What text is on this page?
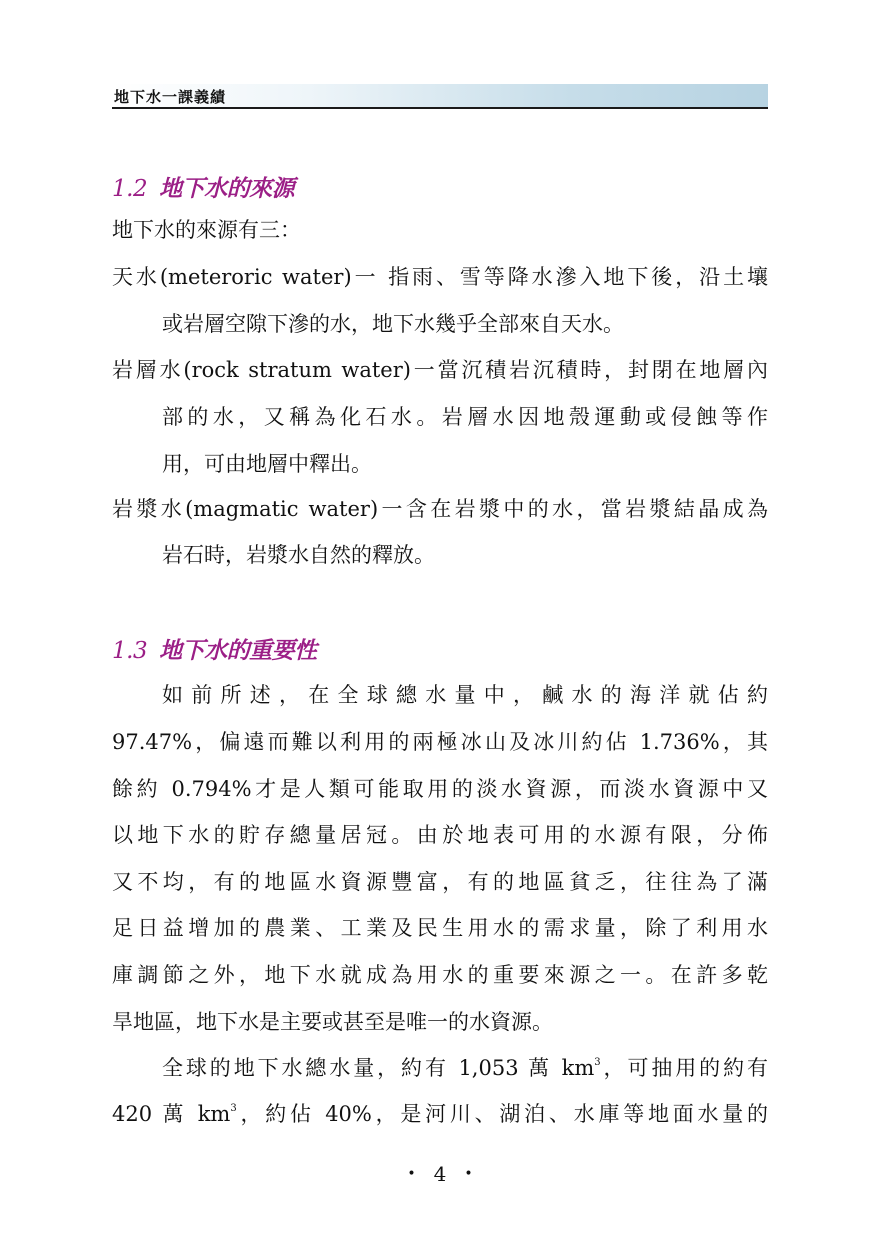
地下水一課義績
1.2 地下水的來源
地下水的來源有三：
天水(meteroric water)一 指雨、雪等降水滲入地下後，沿土壤
或岩層空隙下滲的水，地下水幾乎全部來自天水。
岩層水(rock stratum water)一當沉積岩沉積時，封閉在地層內
部的水，又稱為化石水。岩層水因地殼運動或侵蝕等作
用，可由地層中釋出。
岩漿水(magmatic water)一含在岩漿中的水，當岩漿結晶成為
岩石時，岩漿水自然的釋放。
1.3 地下水的重要性
如前所述，在全球總水量中，鹹水的海洋就佔約
97.47%，偏遠而難以利用的兩極冰山及冰川約佔 1.736%，其
餘約 0.794%才是人類可能取用的淡水資源，而淡水資源中又
以地下水的貯存總量居冠。由於地表可用的水源有限，分佈
又不均，有的地區水資源豐富，有的地區貧乏，往往為了滿
足日益增加的農業、工業及民生用水的需求量，除了利用水
庫調節之外，地下水就成為用水的重要來源之一。在許多乾
旱地區，地下水是主要或甚至是唯一的水資源。
全球的地下水總水量，約有 1,053 萬 $km^3$，可抽用的約有
420 萬 $km^3$，約佔 40%，是河川、湖泊、水庫等地面水量的
• 4 •
